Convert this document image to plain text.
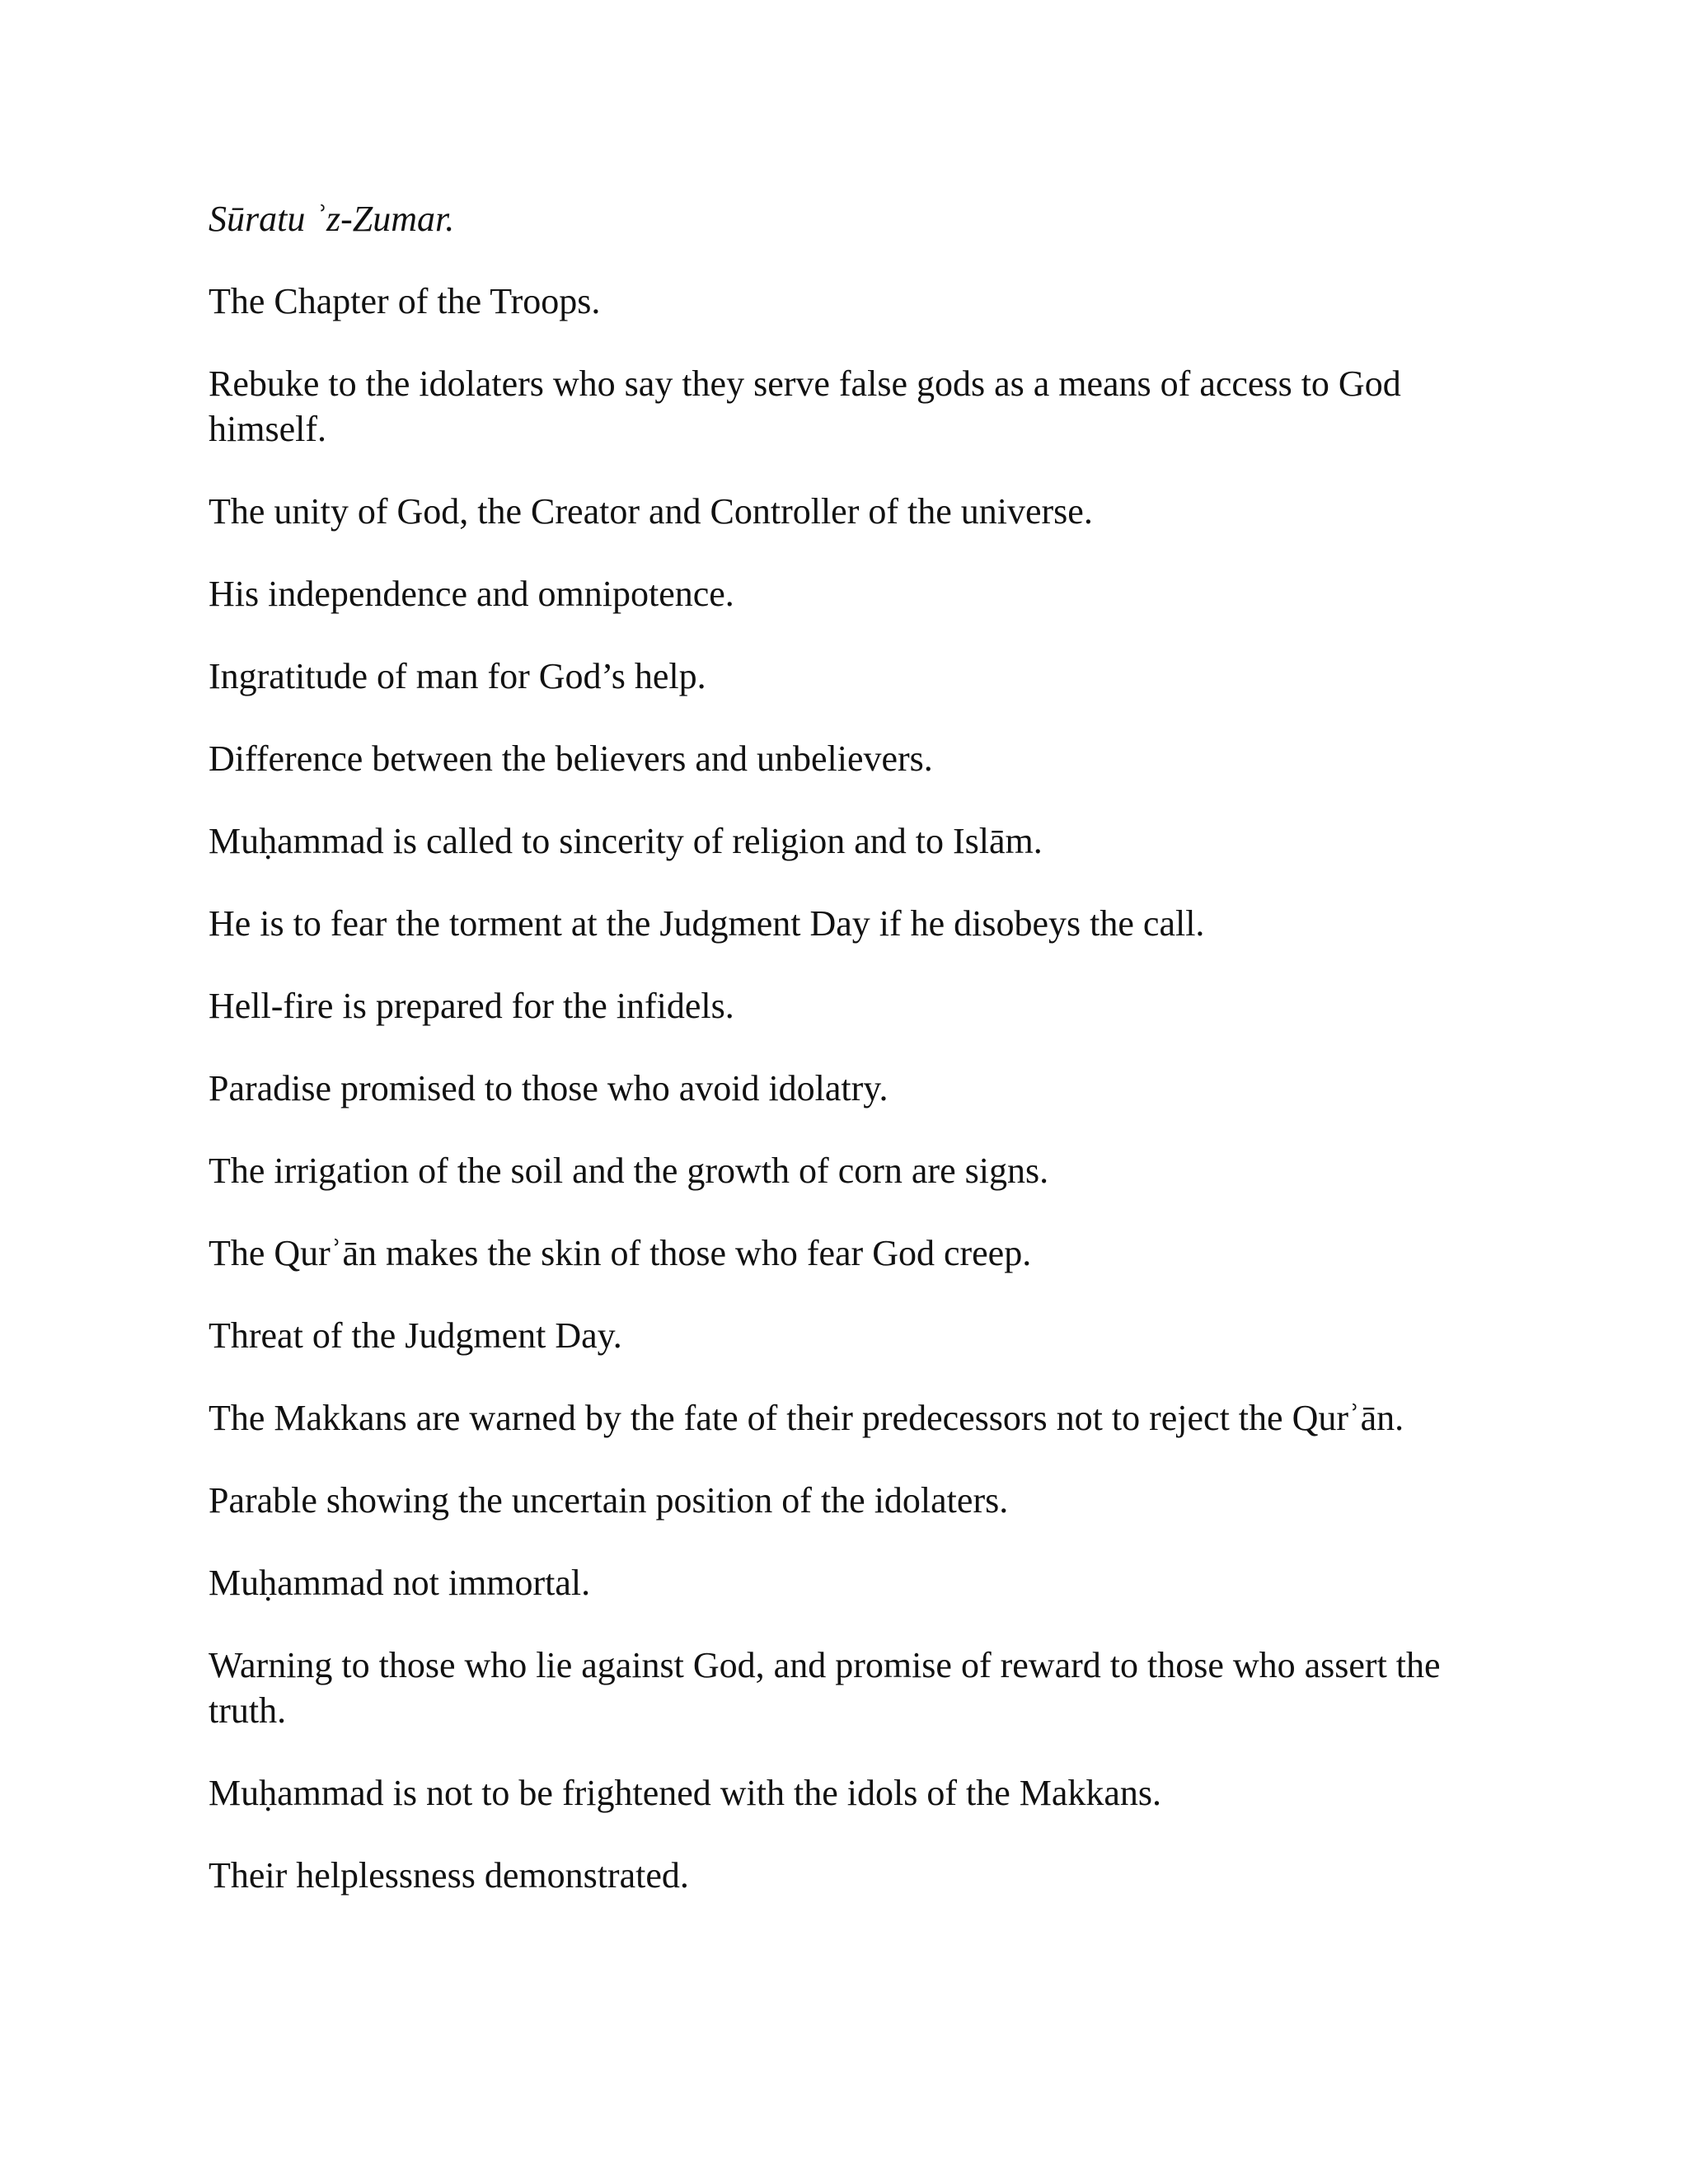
Sūratu ʾz-Zumar.

The Chapter of the Troops.

Rebuke to the idolaters who say they serve false gods as a means of access to God himself.

The unity of God, the Creator and Controller of the universe.

His independence and omnipotence.

Ingratitude of man for God’s help.

Difference between the believers and unbelievers.

Muḥammad is called to sincerity of religion and to Islām.

He is to fear the torment at the Judgment Day if he disobeys the call.

Hell-fire is prepared for the infidels.

Paradise promised to those who avoid idolatry.

The irrigation of the soil and the growth of corn are signs.

The Qurʾān makes the skin of those who fear God creep.

Threat of the Judgment Day.

The Makkans are warned by the fate of their predecessors not to reject the Qurʾān.

Parable showing the uncertain position of the idolaters.

Muḥammad not immortal.

Warning to those who lie against God, and promise of reward to those who assert the truth.

Muḥammad is not to be frightened with the idols of the Makkans.

Their helplessness demonstrated.
